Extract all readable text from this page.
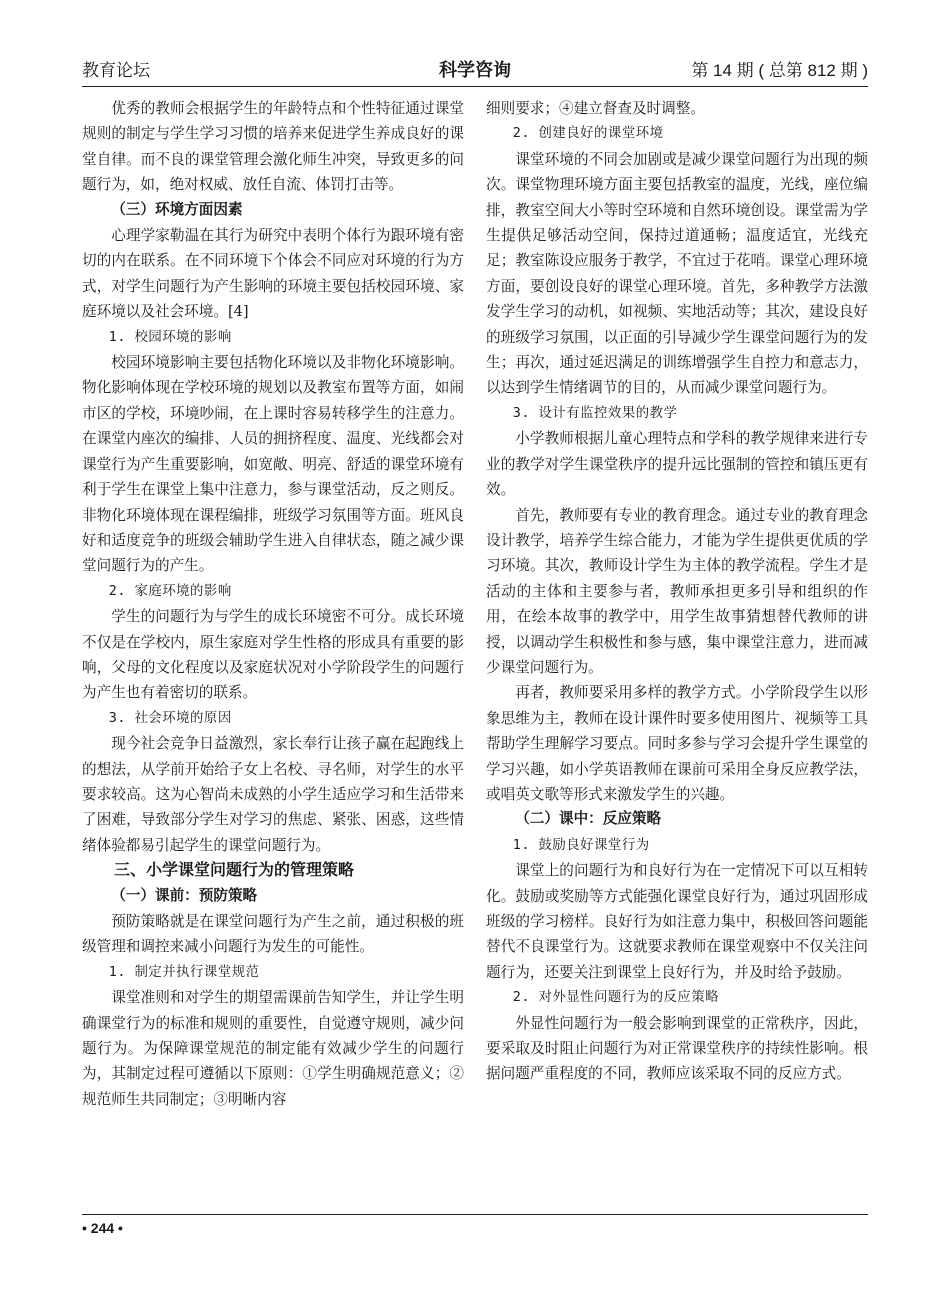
教育论坛	科学咨询	第 14 期 ( 总第 812 期 )

优秀的教师会根据学生的年龄特点和个性特征通过课堂规则的制定与学生学习习惯的培养来促进学生养成良好的课堂自律。而不良的课堂管理会激化师生冲突，导致更多的问题行为，如，绝对权威、放任自流、体罚打击等。

（三）环境方面因素

心理学家勒温在其行为研究中表明个体行为跟环境有密切的内在联系。在不同环境下个体会不同应对环境的行为方式，对学生问题行为产生影响的环境主要包括校园环境、家庭环境以及社会环境。[4]

1. 校园环境的影响

校园环境影响主要包括物化环境以及非物化环境影响。物化影响体现在学校环境的规划以及教室布置等方面，如闹市区的学校，环境吵闹，在上课时容易转移学生的注意力。在课堂内座次的编排、人员的拥挤程度、温度、光线都会对课堂行为产生重要影响，如宽敞、明亮、舒适的课堂环境有利于学生在课堂上集中注意力，参与课堂活动，反之则反。非物化环境体现在课程编排，班级学习氛围等方面。班风良好和适度竞争的班级会辅助学生进入自律状态，随之减少课堂问题行为的产生。

2. 家庭环境的影响

学生的问题行为与学生的成长环境密不可分。成长环境不仅是在学校内，原生家庭对学生性格的形成具有重要的影响，父母的文化程度以及家庭状况对小学阶段学生的问题行为产生也有着密切的联系。

3. 社会环境的原因

现今社会竞争日益激烈，家长奉行让孩子赢在起跑线上的想法，从学前开始给子女上名校、寻名师，对学生的水平要求较高。这为心智尚未成熟的小学生适应学习和生活带来了困难，导致部分学生对学习的焦虑、紧张、困惑，这些情绪体验都易引起学生的课堂问题行为。

三、小学课堂问题行为的管理策略

（一）课前：预防策略

预防策略就是在课堂问题行为产生之前，通过积极的班级管理和调控来减小问题行为发生的可能性。

1. 制定并执行课堂规范

课堂准则和对学生的期望需课前告知学生，并让学生明确课堂行为的标准和规则的重要性，自觉遵守规则，减少问题行为。为保障课堂规范的制定能有效减少学生的问题行为，其制定过程可遵循以下原则：①学生明确规范意义；②规范师生共同制定；③明晰内容

细则要求；④建立督查及时调整。

2. 创建良好的课堂环境

课堂环境的不同会加剧或是减少课堂问题行为出现的频次。课堂物理环境方面主要包括教室的温度，光线，座位编排，教室空间大小等时空环境和自然环境创设。课堂需为学生提供足够活动空间，保持过道通畅；温度适宜，光线充足；教室陈设应服务于教学，不宜过于花哨。课堂心理环境方面，要创设良好的课堂心理环境。首先，多种教学方法激发学生学习的动机，如视频、实地活动等；其次，建设良好的班级学习氛围，以正面的引导减少学生课堂问题行为的发生；再次，通过延迟满足的训练增强学生自控力和意志力，以达到学生情绪调节的目的，从而减少课堂问题行为。

3. 设计有监控效果的教学

小学教师根据儿童心理特点和学科的教学规律来进行专业的教学对学生课堂秩序的提升远比强制的管控和镇压更有效。

首先，教师要有专业的教育理念。通过专业的教育理念设计教学，培养学生综合能力，才能为学生提供更优质的学习环境。其次，教师设计学生为主体的教学流程。学生才是活动的主体和主要参与者，教师承担更多引导和组织的作用，在绘本故事的教学中，用学生故事猜想替代教师的讲授，以调动学生积极性和参与感，集中课堂注意力，进而减少课堂问题行为。

再者，教师要采用多样的教学方式。小学阶段学生以形象思维为主，教师在设计课件时要多使用图片、视频等工具帮助学生理解学习要点。同时多参与学习会提升学生课堂的学习兴趣，如小学英语教师在课前可采用全身反应教学法，或唱英文歌等形式来激发学生的兴趣。

（二）课中：反应策略

1. 鼓励良好课堂行为

课堂上的问题行为和良好行为在一定情况下可以互相转化。鼓励或奖励等方式能强化课堂良好行为，通过巩固形成班级的学习榜样。良好行为如注意力集中，积极回答问题能替代不良课堂行为。这就要求教师在课堂观察中不仅关注问题行为，还要关注到课堂上良好行为，并及时给予鼓励。

2. 对外显性问题行为的反应策略

外显性问题行为一般会影响到课堂的正常秩序，因此，要采取及时阻止问题行为对正常课堂秩序的持续性影响。根据问题严重程度的不同，教师应该采取不同的反应方式。

• 244 •
